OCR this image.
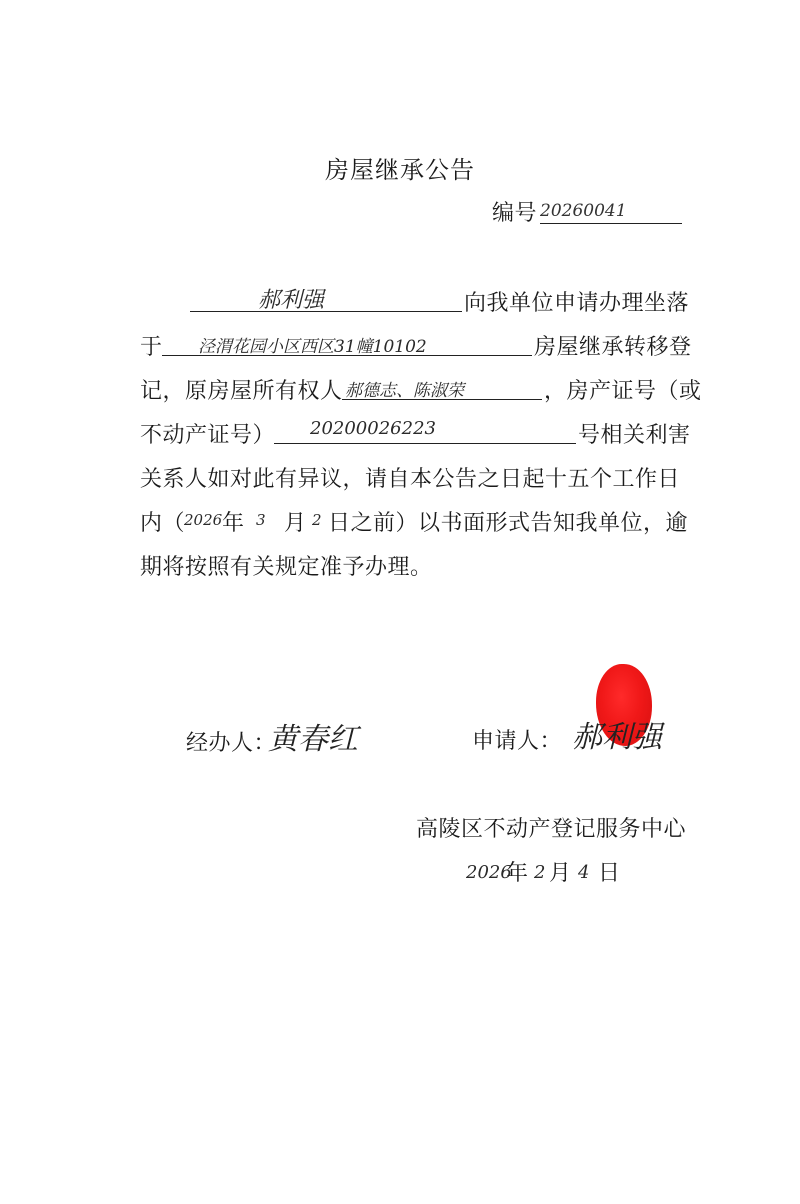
房屋继承公告
编号 20260041
郝利强	向我单位申请办理坐落
于 泾渭花园小区西区31幢10102	房屋继承转移登
记，原房屋所有权人 郝德志、陈淑荣	，房产证号（或
不动产证号） 20200026223	号相关利害
关系人如对此有异议，请自本公告之日起十五个工作日
内（
2026 年 3 月 2 日之前）以书面形式告知我单位，逾
期将按照有关规定准予办理。
经办人：
黄春红	申请人： 郝利强
高陵区不动产登记服务中心
2026
年 2 月 4 日
